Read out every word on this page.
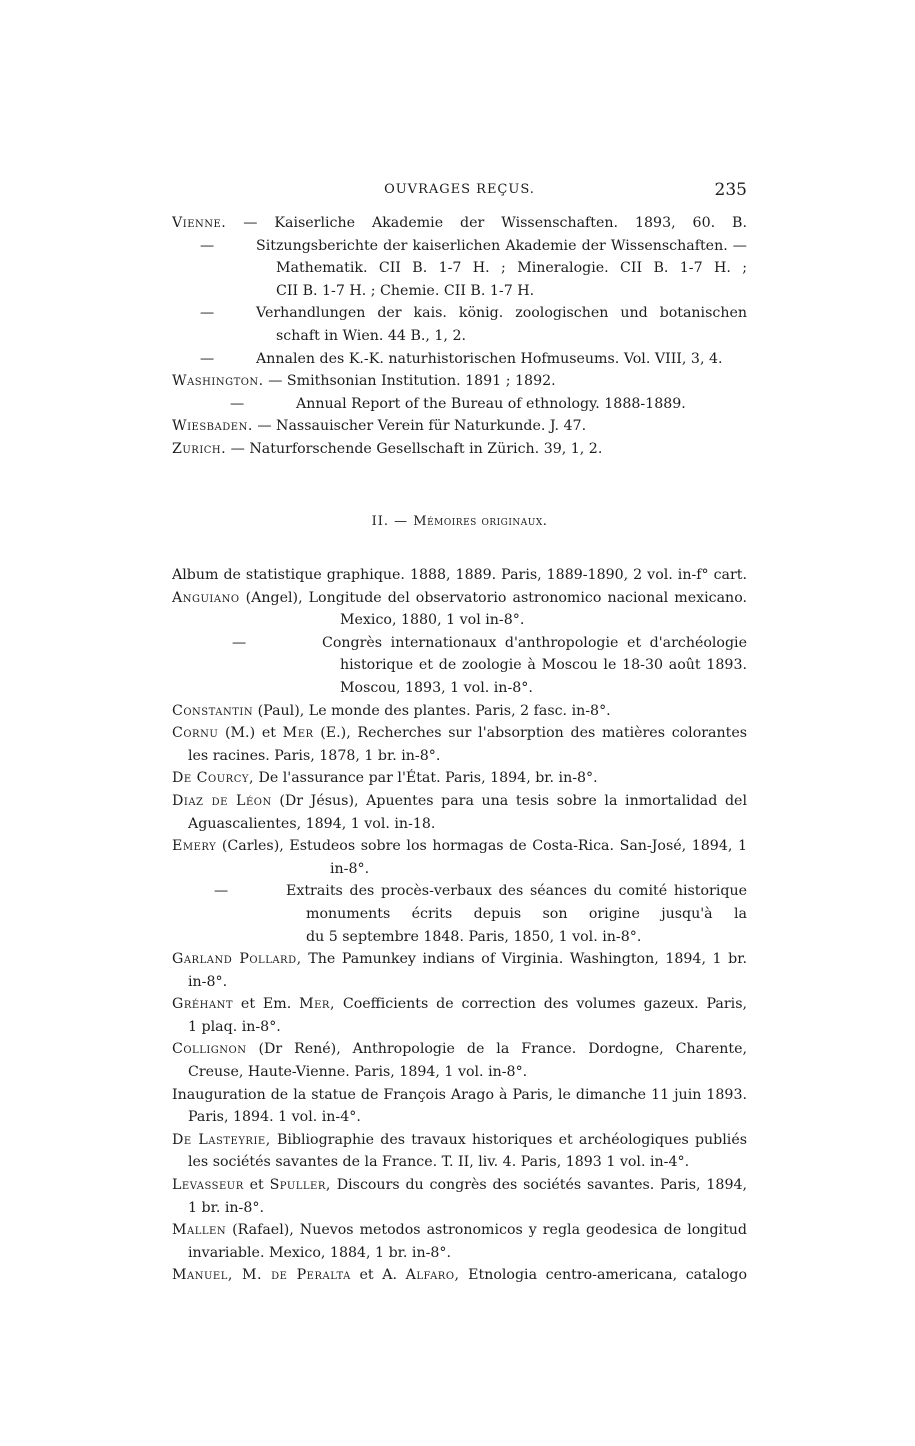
OUVRAGES REÇUS.	235
Vienne. — Kaiserliche Akademie der Wissenschaften. 1893, 60. B.
—	Sitzungsberichte der kaiserlichen Akademie der Wissenschaften. —
Mathematik. CII B. 1-7 H. ; Mineralogie. CII B. 1-7 H. ;
CII B. 1-7 H. ; Chemie. CII B. 1-7 H.
—	Verhandlungen der kais. könig. zoologischen und botanischen
schaft in Wien. 44 B., 1, 2.
—	Annalen des K.-K. naturhistorischen Hofmuseums. Vol. VIII, 3, 4.
Washington. — Smithsonian Institution. 1891 ; 1892.
—	Annual Report of the Bureau of ethnology. 1888-1889.
Wiesbaden. — Nassauischer Verein für Naturkunde. J. 47.
Zurich. — Naturforschende Gesellschaft in Zürich. 39, 1, 2.
II. — Mémoires originaux.
Album de statistique graphique. 1888, 1889. Paris, 1889-1890, 2 vol. in-f° cart.
Anguiano (Angel), Longitude del observatorio astronomico nacional mexicano.
Mexico, 1880, 1 vol in-8°.
—	Congrès internationaux d'anthropologie et d'archéologie
historique et de zoologie à Moscou le 18-30 août 1893.
Moscou, 1893, 1 vol. in-8°.
Constantin (Paul), Le monde des plantes. Paris, 2 fasc. in-8°.
Cornu (M.) et Mer (E.), Recherches sur l'absorption des matières colorantes
les racines. Paris, 1878, 1 br. in-8°.
De Courcy, De l'assurance par l'État. Paris, 1894, br. in-8°.
Diaz de Léon (Dr Jésus), Apuentes para una tesis sobre la inmortalidad del
Aguascalientes, 1894, 1 vol. in-18.
Emery (Carles), Estudeos sobre los hormagas de Costa-Rica. San-José, 1894, 1
in-8°.
—	Extraits des procès-verbaux des séances du comité historique
monuments écrits depuis son origine jusqu'à la
du 5 septembre 1848. Paris, 1850, 1 vol. in-8°.
Garland Pollard, The Pamunkey indians of Virginia. Washington, 1894, 1 br.
in-8°.
Gréhant et Em. Mer, Coefficients de correction des volumes gazeux. Paris,
1 plaq. in-8°.
Collignon (Dr René), Anthropologie de la France. Dordogne, Charente,
Creuse, Haute-Vienne. Paris, 1894, 1 vol. in-8°.
Inauguration de la statue de François Arago à Paris, le dimanche 11 juin 1893.
Paris, 1894. 1 vol. in-4°.
De Lasteyrie, Bibliographie des travaux historiques et archéologiques publiés
les sociétés savantes de la France. T. II, liv. 4. Paris, 1893 1 vol. in-4°.
Levasseur et Spuller, Discours du congrès des sociétés savantes. Paris, 1894,
1 br. in-8°.
Mallen (Rafael), Nuevos metodos astronomicos y regla geodesica de longitud
invariable. Mexico, 1884, 1 br. in-8°.
Manuel, M. de Peralta et A. Alfaro, Etnologia centro-americana, catalogo
